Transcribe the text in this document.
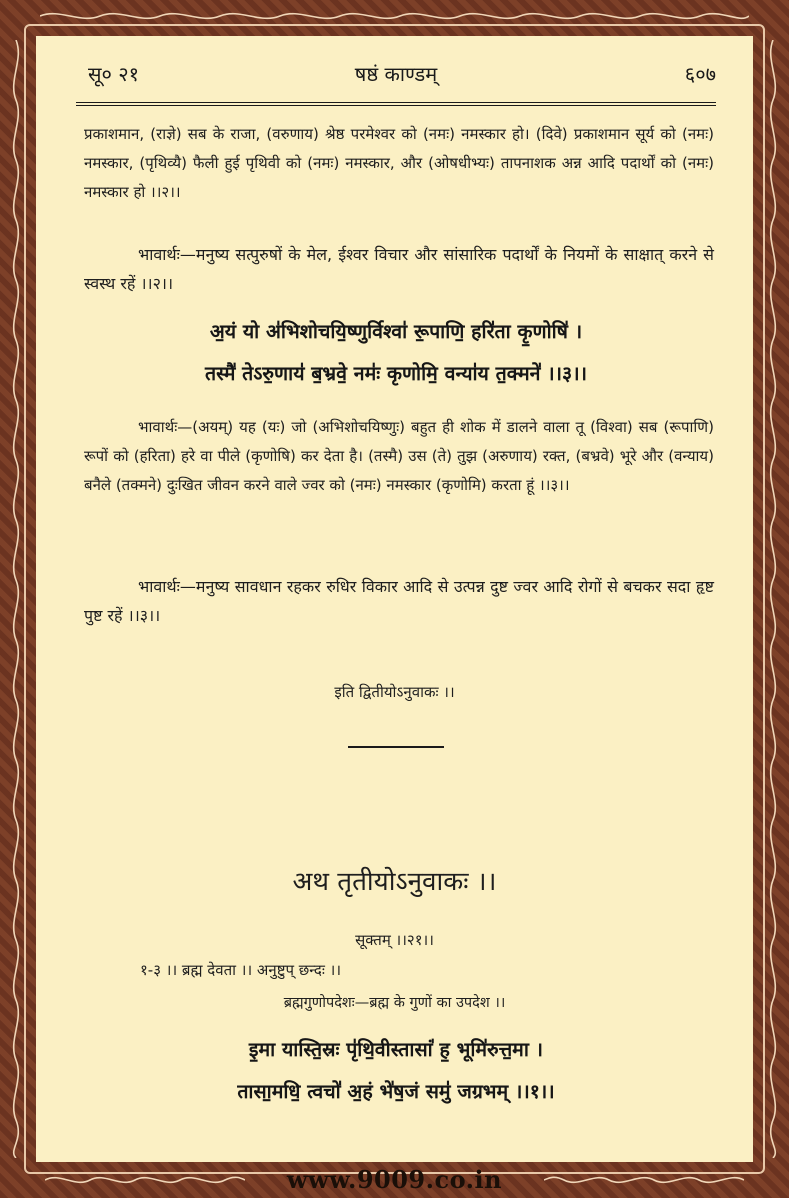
सू० २१	षष्ठं काण्डम्	६०७
प्रकाशमान, (राज्ञे) सब के राजा, (वरुणाय) श्रेष्ठ परमेश्वर को (नमः) नमस्कार हो। (दिवे) प्रकाशमान सूर्य को (नमः) नमस्कार, (पृथिव्यै) फैली हुई पृथिवी को (नमः) नमस्कार, और (ओषधीभ्यः) तापनाशक अन्न आदि पदार्थों को (नमः) नमस्कार हो ।।२।।
भावार्थः—मनुष्य सत्पुरुषों के मेल, ईश्वर विचार और सांसारिक पदार्थों के नियमों के साक्षात् करने से स्वस्थ रहें ।।२।।
अ॒यं यो अ॑भिशोचयि॒ष्णुर्विश्वा॑ रू॒पाणि॒ हरि॑ता कृ॒णोषि॑ ।
तस्मै॑ तेऽरु॒णाय॑ ब॒भ्रवे॒ नमः॑ कृणोमि॒ वन्या॑य त॒क्मने॑ ।।३।।
भावार्थः—(अयम्) यह (यः) जो (अभिशोचयिष्णुः) बहुत ही शोक में डालने वाला तू (विश्वा) सब (रूपाणि) रूपों को (हरिता) हरे वा पीले (कृणोषि) कर देता है। (तस्मै) उस (ते) तुझ (अरुणाय) रक्त, (बभ्रवे) भूरे और (वन्याय) बनैले (तक्मने) दुःखित जीवन करने वाले ज्वर को (नमः) नमस्कार (कृणोमि) करता हूं ।।३।।
भावार्थः—मनुष्य सावधान रहकर रुधिर विकार आदि से उत्पन्न दुष्ट ज्वर आदि रोगों से बचकर सदा हृष्ट पुष्ट रहें ।।३।।
इति द्वितीयोऽनुवाकः ।।
अथ तृतीयोऽनुवाकः ।।
सूक्तम् ।।२१।।
१-३ ।। ब्रह्म देवता ।। अनुष्टुप् छन्दः ।।
ब्रह्मगुणोपदेशः—ब्रह्म के गुणों का उपदेश ।।
इ॒मा यास्ति॒स्रः पृ॑थि॒वीस्तासां॑ ह॒ भूमि॑रुत्त॒मा ।
तासा॒मधि॒ त्वचो॑ अ॒हं भे॑ष॒जं समु॑ जग्रभम् ।।१।।
www.9009.co.in
